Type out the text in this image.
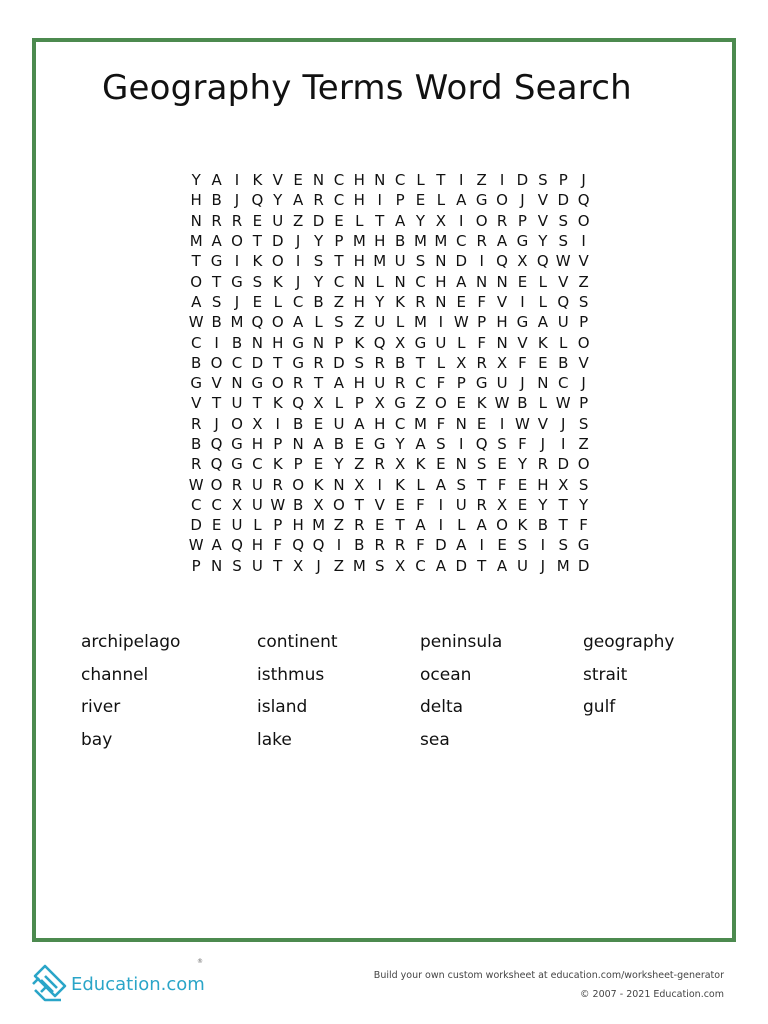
Geography Terms Word Search
Y A I K V E N C H N C L T I Z I D S P J
H B J Q Y A R C H I P E L A G O J V D Q
N R R E U Z D E L T A Y X I O R P V S O
M A O T D J Y P M H B M M C R A G Y S I
T G I K O I S T H M U S N D I Q X Q W V
O T G S K J Y C N L N C H A N N E L V Z
A S J E L C B Z H Y K R N E F V I L Q S
W B M Q O A L S Z U L M I W P H G A U P
C I B N H G N P K Q X G U L F N V K L O
B O C D T G R D S R B T L X R X F E B V
G V N G O R T A H U R C F P G U J N C J
V T U T K Q X L P X G Z O E K W B L W P
R J O X I B E U A H C M F N E I W V J S
B Q G H P N A B E G Y A S I Q S F J	I Z
R Q G C K P E Y Z R X K E N S E Y R D O
W O R U R O K N X I K L A S T F E H X S
C C X U W B X O T V E F I U R X E Y T Y
D E U L P H M Z R E T A I L A O K B T F
W A Q H F Q Q I B R R F D A I E S I S G
P N S U T X J Z M S X C A D T A U J M D
archipelago	continent	peninsula	geography
channel	isthmus	ocean	strait
river	island	delta	gulf
bay	lake	sea
Education.com
®
Build your own custom worksheet at education.com/worksheet-generator
© 2007 - 2021 Education.com
